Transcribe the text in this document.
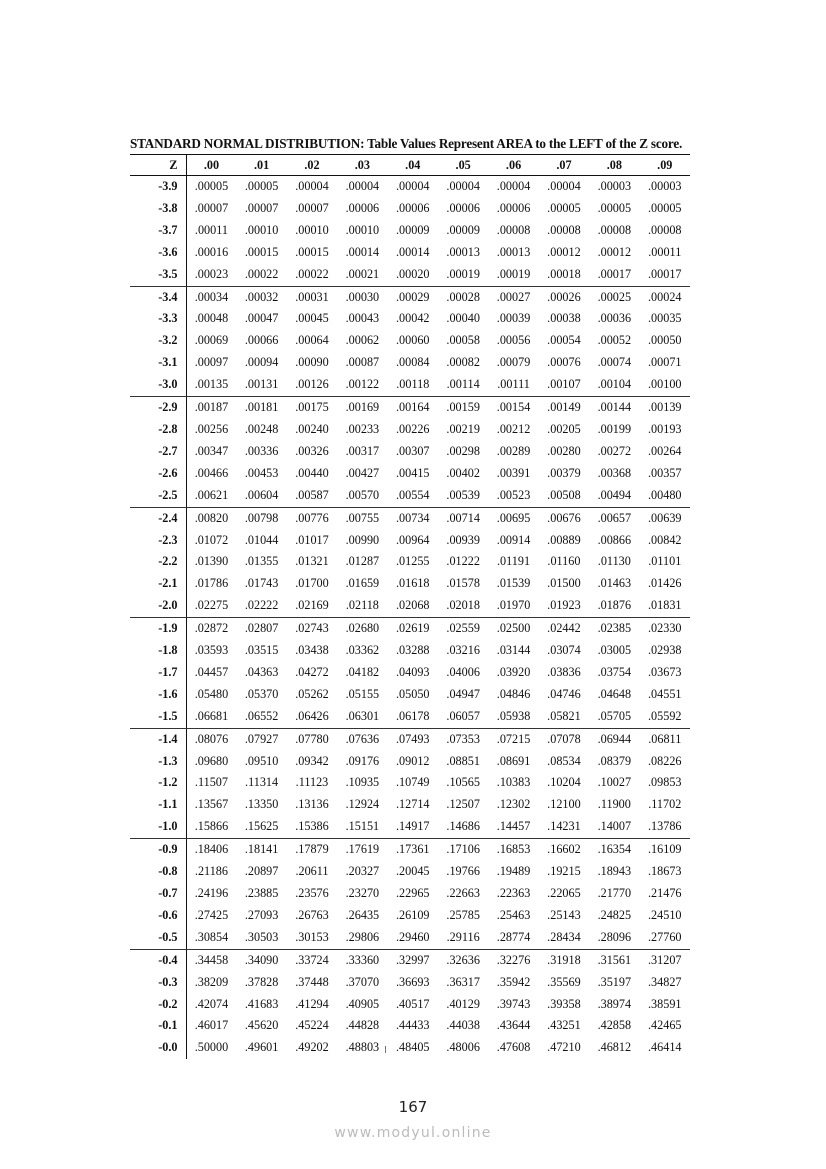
STANDARD NORMAL DISTRIBUTION: Table Values Represent AREA to the LEFT of the Z score.
Z	.00	.01	.02	.03	.04	.05	.06	.07	.08	.09
-3.9	.00005	.00005	.00004	.00004	.00004	.00004	.00004	.00004	.00003	.00003
-3.8	.00007	.00007	.00007	.00006	.00006	.00006	.00006	.00005	.00005	.00005
-3.7	.00011	.00010	.00010	.00010	.00009	.00009	.00008	.00008	.00008	.00008
-3.6	.00016	.00015	.00015	.00014	.00014	.00013	.00013	.00012	.00012	.00011
-3.5	.00023	.00022	.00022	.00021	.00020	.00019	.00019	.00018	.00017	.00017
-3.4	.00034	.00032	.00031	.00030	.00029	.00028	.00027	.00026	.00025	.00024
-3.3	.00048	.00047	.00045	.00043	.00042	.00040	.00039	.00038	.00036	.00035
-3.2	.00069	.00066	.00064	.00062	.00060	.00058	.00056	.00054	.00052	.00050
-3.1	.00097	.00094	.00090	.00087	.00084	.00082	.00079	.00076	.00074	.00071
-3.0	.00135	.00131	.00126	.00122	.00118	.00114	.00111	.00107	.00104	.00100
-2.9	.00187	.00181	.00175	.00169	.00164	.00159	.00154	.00149	.00144	.00139
-2.8	.00256	.00248	.00240	.00233	.00226	.00219	.00212	.00205	.00199	.00193
-2.7	.00347	.00336	.00326	.00317	.00307	.00298	.00289	.00280	.00272	.00264
-2.6	.00466	.00453	.00440	.00427	.00415	.00402	.00391	.00379	.00368	.00357
-2.5	.00621	.00604	.00587	.00570	.00554	.00539	.00523	.00508	.00494	.00480
-2.4	.00820	.00798	.00776	.00755	.00734	.00714	.00695	.00676	.00657	.00639
-2.3	.01072	.01044	.01017	.00990	.00964	.00939	.00914	.00889	.00866	.00842
-2.2	.01390	.01355	.01321	.01287	.01255	.01222	.01191	.01160	.01130	.01101
-2.1	.01786	.01743	.01700	.01659	.01618	.01578	.01539	.01500	.01463	.01426
-2.0	.02275	.02222	.02169	.02118	.02068	.02018	.01970	.01923	.01876	.01831
-1.9	.02872	.02807	.02743	.02680	.02619	.02559	.02500	.02442	.02385	.02330
-1.8	.03593	.03515	.03438	.03362	.03288	.03216	.03144	.03074	.03005	.02938
-1.7	.04457	.04363	.04272	.04182	.04093	.04006	.03920	.03836	.03754	.03673
-1.6	.05480	.05370	.05262	.05155	.05050	.04947	.04846	.04746	.04648	.04551
-1.5	.06681	.06552	.06426	.06301	.06178	.06057	.05938	.05821	.05705	.05592
-1.4	.08076	.07927	.07780	.07636	.07493	.07353	.07215	.07078	.06944	.06811
-1.3	.09680	.09510	.09342	.09176	.09012	.08851	.08691	.08534	.08379	.08226
-1.2	.11507	.11314	.11123	.10935	.10749	.10565	.10383	.10204	.10027	.09853
-1.1	.13567	.13350	.13136	.12924	.12714	.12507	.12302	.12100	.11900	.11702
-1.0	.15866	.15625	.15386	.15151	.14917	.14686	.14457	.14231	.14007	.13786
-0.9	.18406	.18141	.17879	.17619	.17361	.17106	.16853	.16602	.16354	.16109
-0.8	.21186	.20897	.20611	.20327	.20045	.19766	.19489	.19215	.18943	.18673
-0.7	.24196	.23885	.23576	.23270	.22965	.22663	.22363	.22065	.21770	.21476
-0.6	.27425	.27093	.26763	.26435	.26109	.25785	.25463	.25143	.24825	.24510
-0.5	.30854	.30503	.30153	.29806	.29460	.29116	.28774	.28434	.28096	.27760
-0.4	.34458	.34090	.33724	.33360	.32997	.32636	.32276	.31918	.31561	.31207
-0.3	.38209	.37828	.37448	.37070	.36693	.36317	.35942	.35569	.35197	.34827
-0.2	.42074	.41683	.41294	.40905	.40517	.40129	.39743	.39358	.38974	.38591
-0.1	.46017	.45620	.45224	.44828	.44433	.44038	.43644	.43251	.42858	.42465
-0.0	.50000	.49601	.49202	.48803	.48405	.48006	.47608	.47210	.46812	.46414
167
www.modyul.online
